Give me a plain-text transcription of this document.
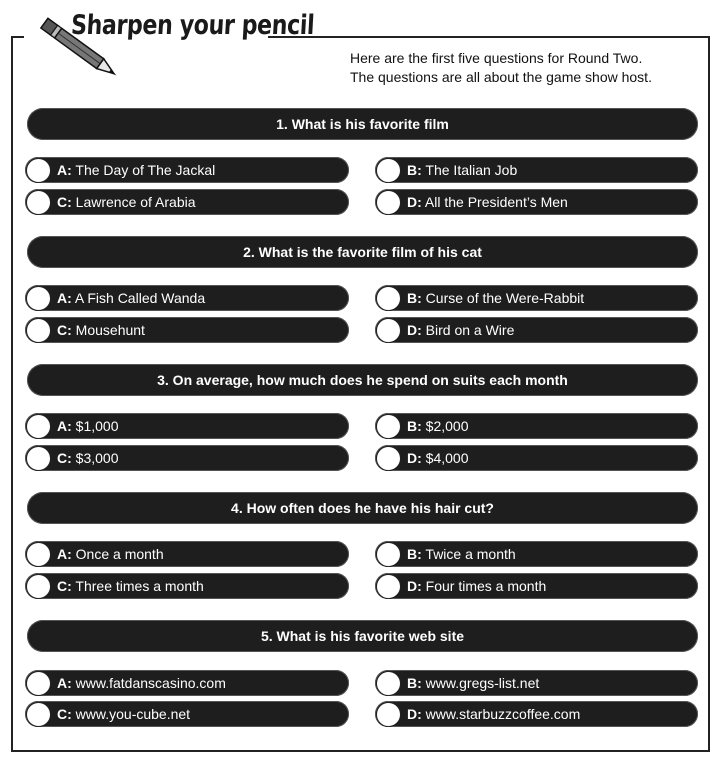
Sharpen your pencil
Here are the first five questions for Round Two.
The questions are all about the game show host.
1. What is his favorite film
A: The Day of The Jackal	B: The Italian Job
C: Lawrence of Arabia	D: All the President’s Men
2. What is the favorite film of his cat
A: A Fish Called Wanda	B: Curse of the Were-Rabbit
C: Mousehunt	D: Bird on a Wire
3. On average, how much does he spend on suits each month
A: $1,000	B: $2,000
C: $3,000	D: $4,000
4. How often does he have his hair cut?
A: Once a month	B: Twice a month
C: Three times a month	D: Four times a month
5. What is his favorite web site
A: www.fatdanscasino.com	B: www.gregs-list.net
C: www.you-cube.net	D: www.starbuzzcoffee.com
